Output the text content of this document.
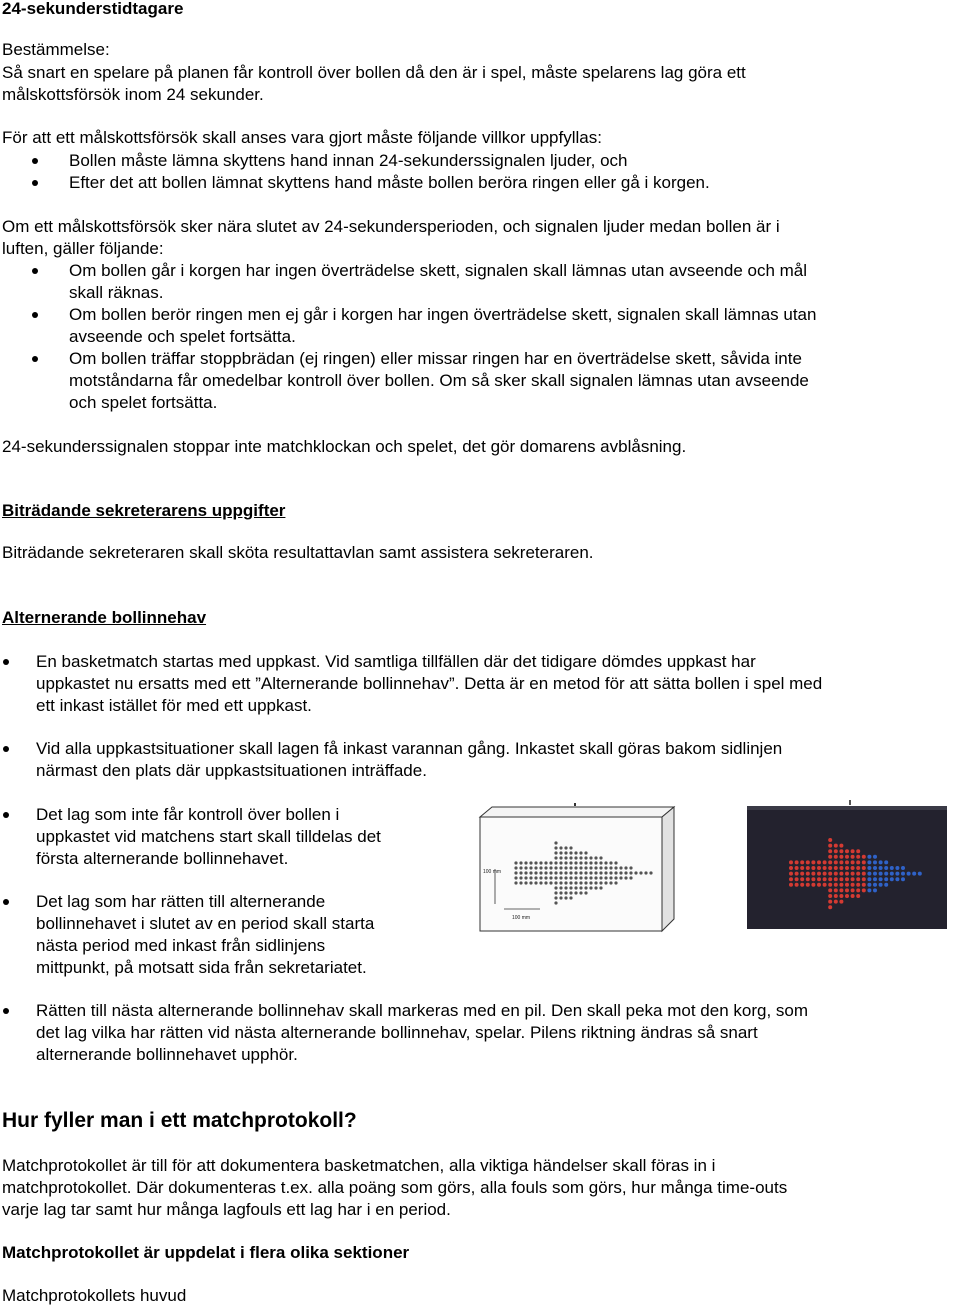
24-sekunderstidtagare

Bestämmelse:

Så snart en spelare på planen får kontroll över bollen då den är i spel, måste spelarens lag göra ett

målskottsförsök inom 24 sekunder.

För att ett målskottsförsök skall anses vara gjort måste följande villkor uppfyllas:

Bollen måste lämna skyttens hand innan 24-sekunderssignalen ljuder, och
Efter det att bollen lämnat skyttens hand måste bollen beröra ringen eller gå i korgen.

Om ett målskottsförsök sker nära slutet av 24-sekundersperioden, och signalen ljuder medan bollen är i

luften, gäller följande:

Om bollen går i korgen har ingen överträdelse skett, signalen skall lämnas utan avseende och mål
skall räknas.
Om bollen berör ringen men ej går i korgen har ingen överträdelse skett, signalen skall lämnas utan
avseende och spelet fortsätta.
Om bollen träffar stoppbrädan (ej ringen) eller missar ringen har en överträdelse skett, såvida inte
motståndarna får omedelbar kontroll över bollen. Om så sker skall signalen lämnas utan avseende
och spelet fortsätta.

24-sekunderssignalen stoppar inte matchklockan och spelet, det gör domarens avblåsning.

Biträdande sekreterarens uppgifter

Biträdande sekreteraren skall sköta resultattavlan samt assistera sekreteraren.

Alternerande bollinnehav

En basketmatch startas med uppkast. Vid samtliga tillfällen där det tidigare dömdes uppkast har
uppkastet nu ersatts med ett ”Alternerande bollinnehav”. Detta är en metod för att sätta bollen i spel med
ett inkast istället för med ett uppkast.
Vid alla uppkastsituationer skall lagen få inkast varannan gång. Inkastet skall göras bakom sidlinjen
närmast den plats där uppkastsituationen inträffade.
Det lag som inte får kontroll över bollen i
uppkastet vid matchens start skall tilldelas det
första alternerande bollinnehavet.
Det lag som har rätten till alternerande
bollinnehavet i slutet av en period skall starta
nästa period med inkast från sidlinjens
mittpunkt, på motsatt sida från sekretariatet.
Rätten till nästa alternerande bollinnehav skall markeras med en pil. Den skall peka mot den korg, som
det lag vilka har rätten vid nästa alternerande bollinnehav, spelar. Pilens riktning ändras så snart
alternerande bollinnehavet upphör.
100 mm
100 mm

Hur fyller man i ett matchprotokoll?

Matchprotokollet är till för att dokumentera basketmatchen, alla viktiga händelser skall föras in i

matchprotokollet. Där dokumenteras t.ex. alla poäng som görs, alla fouls som görs, hur många time-outs

varje lag tar samt hur många lagfouls ett lag har i en period.

Matchprotokollet är uppdelat i flera olika sektioner

Matchprotokollets huvud
